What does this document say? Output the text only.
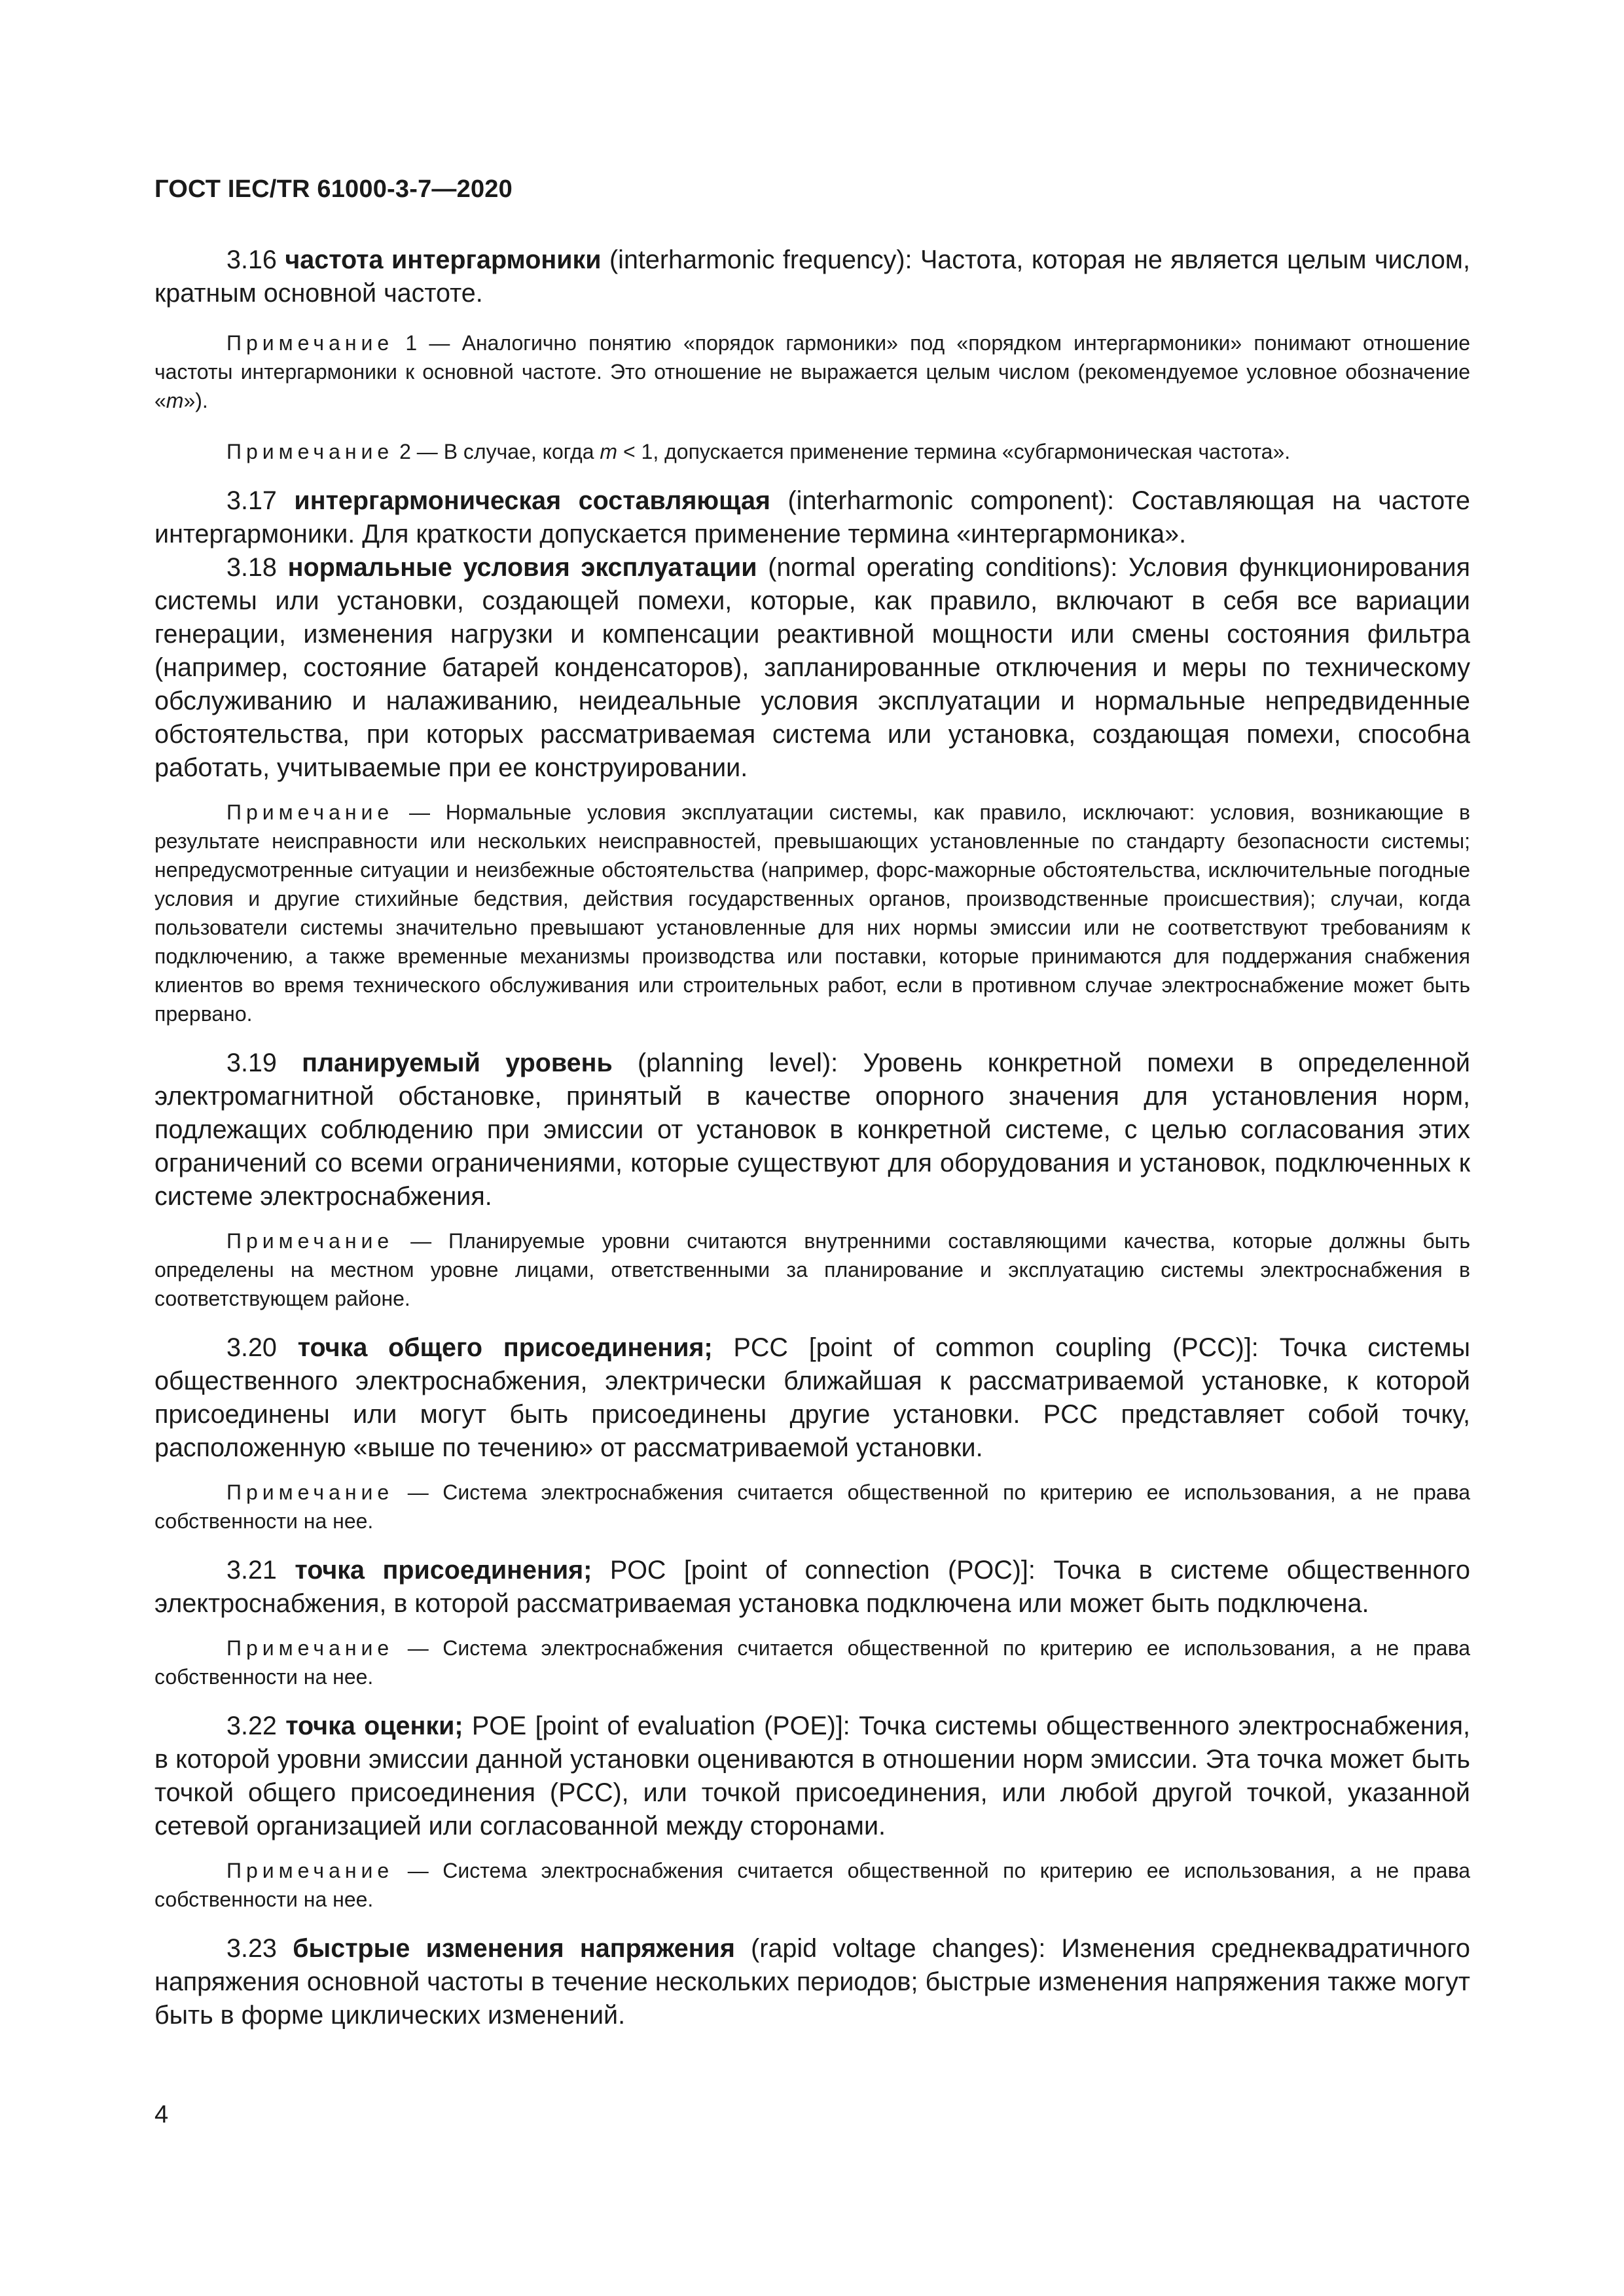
ГОСТ IEC/TR 61000-3-7—2020

3.16 частота интергармоники (interharmonic frequency): Частота, которая не является целым числом, кратным основной частоте.

Примечание 1 — Аналогично понятию «порядок гармоники» под «порядком интергармоники» понимают отношение частоты интергармоники к основной частоте. Это отношение не выражается целым числом (рекомендуемое условное обозначение «m»).

Примечание 2 — В случае, когда m < 1, допускается применение термина «субгармоническая частота».

3.17 интергармоническая составляющая (interharmonic component): Составляющая на частоте интергармоники. Для краткости допускается применение термина «интергармоника».

3.18 нормальные условия эксплуатации (normal operating conditions): Условия функционирования системы или установки, создающей помехи, которые, как правило, включают в себя все вариации генерации, изменения нагрузки и компенсации реактивной мощности или смены состояния фильтра (например, состояние батарей конденсаторов), запланированные отключения и меры по техническому обслуживанию и налаживанию, неидеальные условия эксплуатации и нормальные непредвиденные обстоятельства, при которых рассматриваемая система или установка, создающая помехи, способна работать, учитываемые при ее конструировании.

Примечание — Нормальные условия эксплуатации системы, как правило, исключают: условия, возникающие в результате неисправности или нескольких неисправностей, превышающих установленные по стандарту безопасности системы; непредусмотренные ситуации и неизбежные обстоятельства (например, форс-мажорные обстоятельства, исключительные погодные условия и другие стихийные бедствия, действия государственных органов, производственные происшествия); случаи, когда пользователи системы значительно превышают установленные для них нормы эмиссии или не соответствуют требованиям к подключению, а также временные механизмы производства или поставки, которые принимаются для поддержания снабжения клиентов во время технического обслуживания или строительных работ, если в противном случае электроснабжение может быть прервано.

3.19 планируемый уровень (planning level): Уровень конкретной помехи в определенной электромагнитной обстановке, принятый в качестве опорного значения для установления норм, подлежащих соблюдению при эмиссии от установок в конкретной системе, с целью согласования этих ограничений со всеми ограничениями, которые существуют для оборудования и установок, подключенных к системе электроснабжения.

Примечание — Планируемые уровни считаются внутренними составляющими качества, которые должны быть определены на местном уровне лицами, ответственными за планирование и эксплуатацию системы электроснабжения в соответствующем районе.

3.20 точка общего присоединения; PCC [point of common coupling (PCC)]: Точка системы общественного электроснабжения, электрически ближайшая к рассматриваемой установке, к которой присоединены или могут быть присоединены другие установки. PCC представляет собой точку, расположенную «выше по течению» от рассматриваемой установки.

Примечание — Система электроснабжения считается общественной по критерию ее использования, а не права собственности на нее.

3.21 точка присоединения; POC [point of connection (POC)]: Точка в системе общественного электроснабжения, в которой рассматриваемая установка подключена или может быть подключена.

Примечание — Система электроснабжения считается общественной по критерию ее использования, а не права собственности на нее.

3.22 точка оценки; POE [point of evaluation (POE)]: Точка системы общественного электроснабжения, в которой уровни эмиссии данной установки оцениваются в отношении норм эмиссии. Эта точка может быть точкой общего присоединения (PCC), или точкой присоединения, или любой другой точкой, указанной сетевой организацией или согласованной между сторонами.

Примечание — Система электроснабжения считается общественной по критерию ее использования, а не права собственности на нее.

3.23 быстрые изменения напряжения (rapid voltage changes): Изменения среднеквадратичного напряжения основной частоты в течение нескольких периодов; быстрые изменения напряжения также могут быть в форме циклических изменений.

4
